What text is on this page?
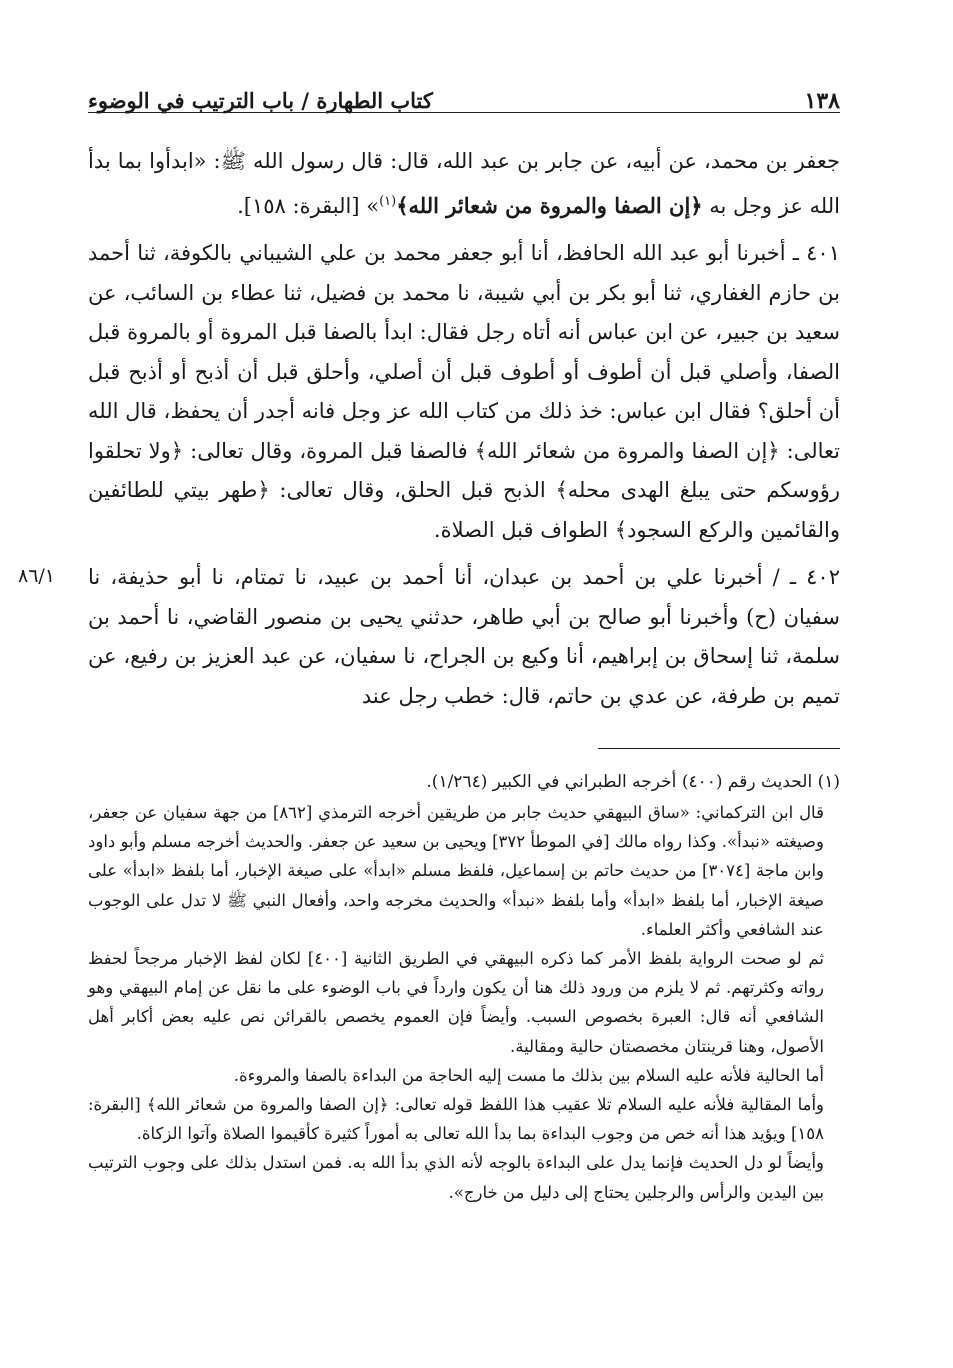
١٣٨
كتاب الطهارة / باب الترتيب في الوضوء

جعفر بن محمد، عن أبيه، عن جابر بن عبد الله، قال: قال رسول الله ﷺ: «ابدأوا بما بدأ الله عز وجل به ﴿إن الصفا والمروة من شعائر الله﴾$^{(١)}$» [البقرة: ١٥٨].

٤٠١ ـ أخبرنا أبو عبد الله الحافظ، أنا أبو جعفر محمد بن علي الشيباني بالكوفة، ثنا أحمد بن حازم الغفاري، ثنا أبو بكر بن أبي شيبة، نا محمد بن فضيل، ثنا عطاء بن السائب، عن سعيد بن جبير، عن ابن عباس أنه أتاه رجل فقال: ابدأ بالصفا قبل المروة أو بالمروة قبل الصفا، وأصلي قبل أن أطوف أو أطوف قبل أن أصلي، وأحلق قبل أن أذبح أو أذبح قبل أن أحلق؟ فقال ابن عباس: خذ ذلك من كتاب الله عز وجل فانه أجدر أن يحفظ، قال الله تعالى: ﴿إن الصفا والمروة من شعائر الله﴾ فالصفا قبل المروة، وقال تعالى: ﴿ولا تحلقوا رؤوسكم حتى يبلغ الهدى محله﴾ الذبح قبل الحلق، وقال تعالى: ﴿طهر بيتي للطائفين والقائمين والركع السجود﴾ الطواف قبل الصلاة.

٤٠٢ ـ / أخبرنا علي بن أحمد بن عبدان، أنا أحمد بن عبيد، نا تمتام، نا أبو حذيفة، نا سفيان (ح) وأخبرنا أبو صالح بن أبي طاهر، حدثني يحيى بن منصور القاضي، نا أحمد بن سلمة، ثنا إسحاق بن إبراهيم، أنا وكيع بن الجراح، نا سفيان، عن عبد العزيز بن رفيع، عن تميم بن طرفة، عن عدي بن حاتم، قال: خطب رجل عند

٨٦/١

(١) الحديث رقم (٤٠٠) أخرجه الطبراني في الكبير (١/٢٦٤).

قال ابن التركماني: «ساق البيهقي حديث جابر من طريقين أخرجه الترمذي [٨٦٢] من جهة سفيان عن جعفر، وصيغته «نبدأ». وكذا رواه مالك [في الموطأ ٣٧٢] ويحيى بن سعيد عن جعفر. والحديث أخرجه مسلم وأبو داود وابن ماجة [٣٠٧٤] من حديث حاتم بن إسماعيل، فلفظ مسلم «ابدأ» على صيغة الإخبار، أما بلفظ «ابدأ» على صيغة الإخبار، أما بلفظ «ابدأ» وأما بلفظ «نبدأ» والحديث مخرجه واحد، وأفعال النبي ﷺ لا تدل على الوجوب عند الشافعي وأكثر العلماء.

ثم لو صحت الرواية بلفظ الأمر كما ذكره البيهقي في الطريق الثانية [٤٠٠] لكان لفظ الإخبار مرجحاً لحفظ رواته وكثرتهم. ثم لا يلزم من ورود ذلك هنا أن يكون وارداً في باب الوضوء على ما نقل عن إمام البيهقي وهو الشافعي أنه قال: العبرة بخصوص السبب. وأيضاً فإن العموم يخصص بالقرائن نص عليه بعض أكابر أهل الأصول، وهنا قرينتان مخصصتان حالية ومقالية.

أما الحالية فلأنه عليه السلام بين بذلك ما مست إليه الحاجة من البداءة بالصفا والمروءة.

وأما المقالية فلأنه عليه السلام تلا عقيب هذا اللفظ قوله تعالى: ﴿إن الصفا والمروة من شعائر الله﴾ [البقرة: ١٥٨] ويؤيد هذا أنه خص من وجوب البداءة بما بدأ الله تعالى به أموراً كثيرة كأقيموا الصلاة وآتوا الزكاة.

وأيضاً لو دل الحديث فإنما يدل على البداءة بالوجه لأنه الذي بدأ الله به. فمن استدل بذلك على وجوب الترتيب بين اليدين والرأس والرجلين يحتاج إلى دليل من خارج».
